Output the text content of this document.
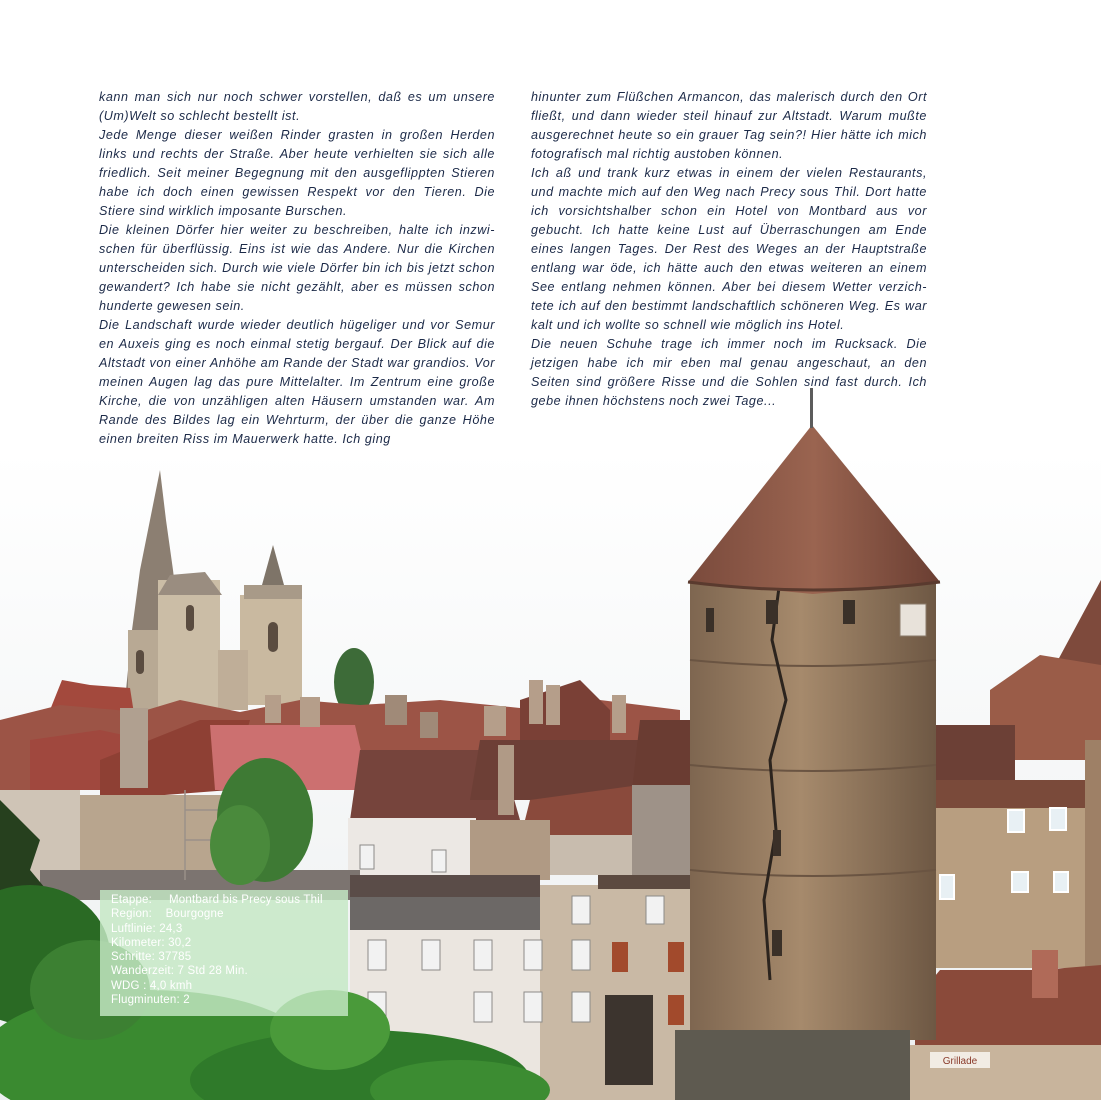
Grillade

kann man sich nur noch schwer vorstellen, daß es um unsere (Um)Welt so schlecht bestellt ist.

Jede Menge dieser weißen Rinder grasten in großen Herden links und rechts der Straße. Aber heute verhielten sie sich alle friedlich. Seit meiner Begegnung mit den ausgeflippten Stieren habe ich doch einen gewissen Respekt vor den Tieren. Die Stiere sind wirklich imposante Burschen.

Die kleinen Dörfer hier weiter zu beschreiben, halte ich inzwi-schen für überflüssig. Eins ist wie das Andere. Nur die Kirchen unterscheiden sich. Durch wie viele Dörfer bin ich bis jetzt schon gewandert? Ich habe sie nicht gezählt, aber es müssen schon hunderte gewesen sein.

Die Landschaft wurde wieder deutlich hügeliger und vor Semur en Auxeis ging es noch einmal stetig bergauf. Der Blick auf die Altstadt von einer Anhöhe am Rande der Stadt war grandios. Vor meinen Augen lag das pure Mittelalter. Im Zentrum eine große Kirche, die von unzähligen alten Häusern umstanden war. Am Rande des Bildes lag ein Wehrturm, der über die ganze Höhe einen breiten Riss im Mauerwerk hatte. Ich ging

hinunter zum Flüßchen Armancon, das malerisch durch den Ort fließt, und dann wieder steil hinauf zur Altstadt. Warum mußte ausgerechnet heute so ein grauer Tag sein?! Hier hätte ich mich fotografisch mal richtig austoben können.

Ich aß und trank kurz etwas in einem der vielen Restaurants, und machte mich auf den Weg nach Precy sous Thil. Dort hatte ich vorsichtshalber schon ein Hotel von Montbard aus vor gebucht. Ich hatte keine Lust auf Überraschungen am Ende eines langen Tages. Der Rest des Weges an der Hauptstraße entlang war öde, ich hätte auch den etwas weiteren an einem See entlang nehmen können. Aber bei diesem Wetter verzich-tete ich auf den bestimmt landschaftlich schöneren Weg. Es war kalt und ich wollte so schnell wie möglich ins Hotel.

Die neuen Schuhe trage ich immer noch im Rucksack. Die jetzigen habe ich mir eben mal genau angeschaut, an den Seiten sind größere Risse und die Sohlen sind fast durch. Ich gebe ihnen höchstens noch zwei Tage...

Etappe:     Montbard bis Precy sous Thil
Region:    Bourgogne
Luftlinie: 24,3
Kilometer: 30,2
Schritte: 37785
Wanderzeit: 7 Std 28 Min.
WDG : 4,0 kmh
Flugminuten: 2
